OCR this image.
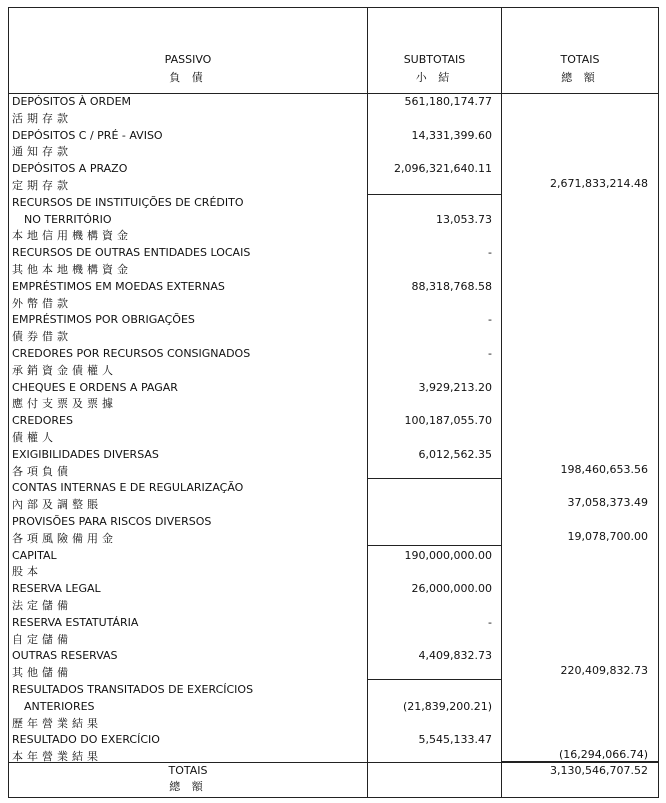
PASSIVO
負 債
SUBTOTAIS
小 結
TOTAIS
總 額
DEPÓSITOS À ORDEM
活期存款
561,180,174.77
DEPÓSITOS C / PRÉ - AVISO
通知存款
14,331,399.60
DEPÓSITOS A PRAZO
定期存款
2,096,321,640.11
2,671,833,214.48
RECURSOS DE INSTITUIÇÕES DE CRÉDITO
NO TERRITÓRIO
本地信用機構資金
13,053.73
RECURSOS DE OUTRAS ENTIDADES LOCAIS
其他本地機構資金
-
EMPRÉSTIMOS EM MOEDAS EXTERNAS
外幣借款
88,318,768.58
EMPRÉSTIMOS POR OBRIGAÇÕES
債券借款
-
CREDORES POR RECURSOS CONSIGNADOS
承銷資金債權人
-
CHEQUES E ORDENS A PAGAR
應付支票及票據
3,929,213.20
CREDORES
債權人
100,187,055.70
EXIGIBILIDADES DIVERSAS
各項負債
6,012,562.35
198,460,653.56
CONTAS INTERNAS E DE REGULARIZAÇÃO
內部及調整賬	37,058,373.49
PROVISÕES PARA RISCOS DIVERSOS
各項風險備用金	19,078,700.00
CAPITAL
股本
190,000,000.00
RESERVA LEGAL
法定儲備
26,000,000.00
RESERVA ESTATUTÁRIA
自定儲備
-
OUTRAS RESERVAS
其他儲備
4,409,832.73
220,409,832.73
RESULTADOS TRANSITADOS DE EXERCÍCIOS
ANTERIORES
歷年營業結果
(21,839,200.21)
RESULTADO DO EXERCÍCIO
本年營業結果
5,545,133.47
(16,294,066.74)
TOTAIS
總 額
3,130,546,707.52
